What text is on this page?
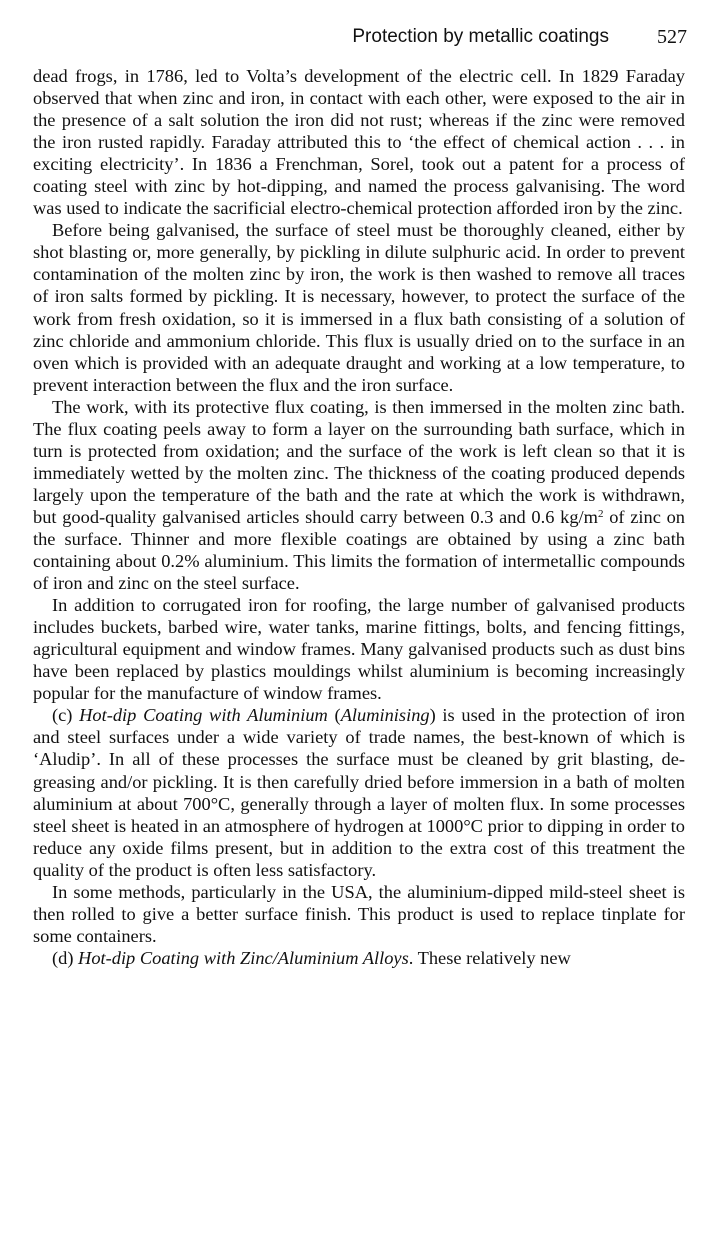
Protection by metallic coatings 527

dead frogs, in 1786, led to Volta’s development of the electric cell. In 1829 Faraday observed that when zinc and iron, in contact with each other, were exposed to the air in the presence of a salt solution the iron did not rust; whereas if the zinc were removed the iron rusted rapidly. Faraday attributed this to ‘the effect of chemical action . . . in exciting electricity’. In 1836 a Frenchman, Sorel, took out a patent for a process of coating steel with zinc by hot-dipping, and named the process galvanising. The word was used to indicate the sacrificial electro-chemical protection afforded iron by the zinc.

Before being galvanised, the surface of steel must be thoroughly cleaned, either by shot blasting or, more generally, by pickling in dilute sulphuric acid. In order to prevent contamination of the molten zinc by iron, the work is then washed to remove all traces of iron salts formed by pickling. It is necessary, however, to protect the surface of the work from fresh oxidation, so it is immersed in a flux bath consisting of a solution of zinc chloride and ammonium chloride. This flux is usually dried on to the surface in an oven which is provided with an adequate draught and working at a low temperature, to prevent interaction between the flux and the iron surface.

The work, with its protective flux coating, is then immersed in the molten zinc bath. The flux coating peels away to form a layer on the surrounding bath surface, which in turn is protected from oxidation; and the surface of the work is left clean so that it is immediately wetted by the molten zinc. The thickness of the coating produced depends largely upon the temperature of the bath and the rate at which the work is withdrawn, but good-quality galvanised articles should carry between 0.3 and 0.6 $kg/m^2$ of zinc on the surface. Thinner and more flexible coatings are obtained by using a zinc bath containing about 0.2% aluminium. This limits the formation of intermetallic compounds of iron and zinc on the steel surface.

In addition to corrugated iron for roofing, the large number of galvanised products includes buckets, barbed wire, water tanks, marine fittings, bolts, and fencing fittings, agricultural equipment and window frames. Many galvanised products such as dust bins have been replaced by plastics mouldings whilst aluminium is becoming increasingly popular for the manufacture of window frames.

(c) Hot-dip Coating with Aluminium (Aluminising) is used in the protection of iron and steel surfaces under a wide variety of trade names, the best-known of which is ‘Aludip’. In all of these processes the surface must be cleaned by grit blasting, de-greasing and/or pickling. It is then carefully dried before immersion in a bath of molten aluminium at about 700°C, generally through a layer of molten flux. In some processes steel sheet is heated in an atmosphere of hydrogen at 1000°C prior to dipping in order to reduce any oxide films present, but in addition to the extra cost of this treatment the quality of the product is often less satisfactory.

In some methods, particularly in the USA, the aluminium-dipped mild-steel sheet is then rolled to give a better surface finish. This product is used to replace tinplate for some containers.

(d) Hot-dip Coating with Zinc/Aluminium Alloys. These relatively new
